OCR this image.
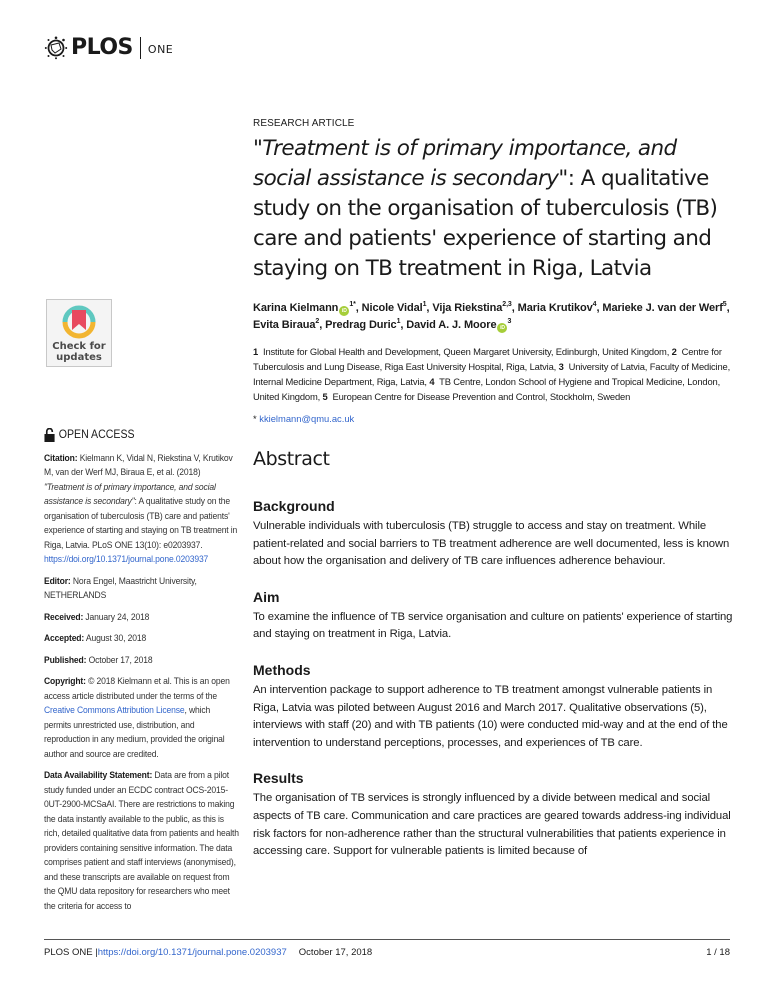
PLOS ONE
Check for
updates
OPEN ACCESS
Citation: Kielmann K, Vidal N, Riekstina V, Krutikov M, van der Werf MJ, Biraua E, et al. (2018) "Treatment is of primary importance, and social assistance is secondary": A qualitative study on the organisation of tuberculosis (TB) care and patients' experience of starting and staying on TB treatment in Riga, Latvia. PLoS ONE 13(10): e0203937. https://doi.org/10.1371/journal.pone.0203937
Editor: Nora Engel, Maastricht University, NETHERLANDS
Received: January 24, 2018
Accepted: August 30, 2018
Published: October 17, 2018
Copyright: © 2018 Kielmann et al. This is an open access article distributed under the terms of the Creative Commons Attribution License, which permits unrestricted use, distribution, and reproduction in any medium, provided the original author and source are credited.
Data Availability Statement: Data are from a pilot study funded under an ECDC contract OCS-2015-0UT-2900-MCSaAI. There are restrictions to making the data instantly available to the public, as this is rich, detailed qualitative data from patients and health providers containing sensitive information. The data comprises patient and staff interviews (anonymised), and these transcripts are available on request from the QMU data repository for researchers who meet the criteria for access to
RESEARCH ARTICLE
"Treatment is of primary importance, and social assistance is secondary": A qualitative study on the organisation of tuberculosis (TB) care and patients' experience of starting and staying on TB treatment in Riga, Latvia
Karina Kielmann $iD^{1*}$, Nicole Vidal$^1$, Vija Riekstina$^{2,3}$, Maria Krutikov$^4$, Marieke J. van der Werf$^5$, Evita Biraua$^2$, Predrag Duric$^1$, David A. J. Moore $iD^3$
1  Institute for Global Health and Development, Queen Margaret University, Edinburgh, United Kingdom, 2  Centre for Tuberculosis and Lung Disease, Riga East University Hospital, Riga, Latvia, 3  University of Latvia, Faculty of Medicine, Internal Medicine Department, Riga, Latvia, 4  TB Centre, London School of Hygiene and Tropical Medicine, London, United Kingdom, 5  European Centre for Disease Prevention and Control, Stockholm, Sweden
* kkielmann@qmu.ac.uk
Abstract
Background

Vulnerable individuals with tuberculosis (TB) struggle to access and stay on treatment. While patient-related and social barriers to TB treatment adherence are well documented, less is known about how the organisation and delivery of TB care influences adherence behaviour.

Aim

To examine the influence of TB service organisation and culture on patients' experience of starting and staying on treatment in Riga, Latvia.

Methods

An intervention package to support adherence to TB treatment amongst vulnerable patients in Riga, Latvia was piloted between August 2016 and March 2017. Qualitative observations (5), interviews with staff (20) and with TB patients (10) were conducted mid-way and at the end of the intervention to understand perceptions, processes, and experiences of TB care.

Results

The organisation of TB services is strongly influenced by a divide between medical and social aspects of TB care. Communication and care practices are geared towards address-ing individual risk factors for non-adherence rather than the structural vulnerabilities that patients experience in accessing care. Support for vulnerable patients is limited because of

PLOS ONE | https://doi.org/10.1371/journal.pone.0203937 October 17, 2018	1 / 18
